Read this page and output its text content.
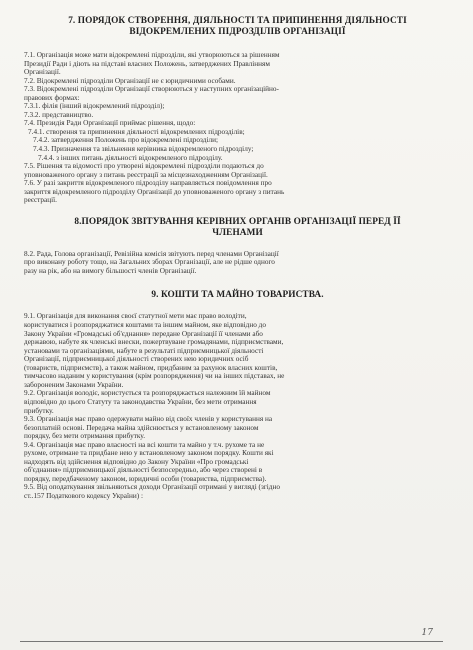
7. ПОРЯДОК СТВОРЕННЯ, ДІЯЛЬНОСТІ ТА ПРИПИНЕННЯ ДІЯЛЬНОСТІ
ВІДОКРЕМЛЕНИХ ПІДРОЗДІЛІВ ОРГАНІЗАЦІЇ

7.1. Організація може мати відокремлені підрозділи, які утворюються за рішенням

Президії Ради і діють на підставі власних Положень, затверджених Правлінням

Організації.

7.2. Відокремлені підрозділи Організації не є юридичними особами.

7.3. Відокремлені підрозділи Організації створюються у наступних організаційно-

правових формах:

7.3.1. філія (інший відокремлений підрозділ);

7.3.2. представництво.

7.4. Президія Ради Організації приймає рішення, щодо:

7.4.1. створення та припинення діяльності відокремлених підрозділів;

7.4.2. затвердження Положень про відокремлені підрозділи;

7.4.3. Призначення та звільнення керівника відокремленого підрозділу;

7.4.4. з інших питань діяльності відокремленого підрозділу.

7.5. Рішення та відомості про утворені відокремлені підрозділи подаються до

уповноваженого органу з питань реєстрації за місцезнаходженням Організації.

7.6. У разі закриття відокремленого підрозділу направляється повідомлення про

закриття відокремленого підрозділу Організації до уповноваженого органу з питань

реєстрації.

8.ПОРЯДОК ЗВІТУВАННЯ КЕРІВНИХ ОРГАНІВ ОРГАНІЗАЦІЇ ПЕРЕД ЇЇ
ЧЛЕНАМИ

8.2. Рада, Голова організації, Ревізійна комісія звітують перед членами Організації

про виконану роботу тощо, на Загальних зборах Організації, але не рідше одного

разу на рік, або на вимогу більшості членів Організації.

9. КОШТИ ТА МАЙНО ТОВАРИСТВА.

9.1. Організація для виконання своєї статутної мети має право володіти,

користуватися і розпоряджатися коштами та іншим майном, яке відповідно до

Закону України «Громадські об'єднання» передане Організації її членами або

державою, набуте як членські внески, пожертвуване громадянами, підприємствами,

установами та організаціями, набуте в результаті підприємницької діяльності

Організації, підприємницької діяльності створених нею юридичних осіб

(товариств, підприємств), а також майном, придбаним за рахунок власних коштів,

тимчасово наданим у користування (крім розпорядження) чи на інших підставах, не

забороненим Законами України.

9.2. Організація володіє, користується та розпоряджається належним їй майном

відповідно до цього Статуту та законодавства України, без мети отримання

прибутку.

9.3. Організація має право одержувати майно від своїх членів у користування на

безоплатній основі. Передача майна здійснюється у встановленому законом

порядку, без мети отримання прибутку.

9.4. Організація має право власності на всі кошти та майно у т.ч. рухоме та не

рухоме, отримане та придбане нею у встановленому законом порядку. Кошти які

надходять від здійснення відповідно до Закону України «Про громадські

об'єднання» підприємницької діяльності безпосередньо, або через створені в

порядку, передбаченому законом, юридичні особи (товариства, підприємства).

9.5. Від оподаткування звільняються доходи Організації отримані у вигляді (згідно

ст..157 Податкового кодексу України) :

17
